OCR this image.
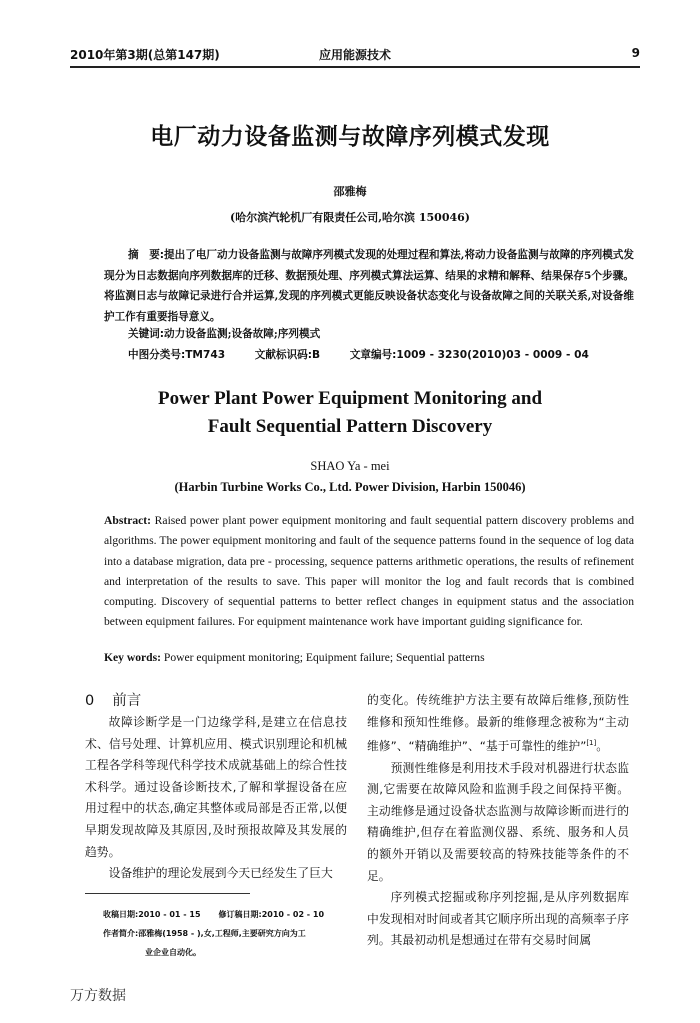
2010年第3期(总第147期)	应用能源技术	9
电厂动力设备监测与故障序列模式发现
邵雅梅
(哈尔滨汽轮机厂有限责任公司,哈尔滨 150046)
摘　要:提出了电厂动力设备监测与故障序列模式发现的处理过程和算法,将动力设备监测与故障的序列模式发现分为日志数据向序列数据库的迁移、数据预处理、序列模式算法运算、结果的求精和解释、结果保存5个步骤。将监测日志与故障记录进行合并运算,发现的序列模式更能反映设备状态变化与设备故障之间的关联关系,对设备维护工作有重要指导意义。
关键词:动力设备监测;设备故障;序列模式
中图分类号:TM743	文献标识码:B	文章编号:1009 - 3230(2010)03 - 0009 - 04
Power Plant Power Equipment Monitoring and
Fault Sequential Pattern Discovery
SHAO Ya - mei
(Harbin Turbine Works Co., Ltd. Power Division, Harbin 150046)
Abstract: Raised power plant power equipment monitoring and fault sequential pattern discovery problems and algorithms. The power equipment monitoring and fault of the sequence patterns found in the sequence of log data into a database migration, data pre - processing, sequence patterns arithmetic operations, the results of refinement and interpretation of the results to save. This paper will monitor the log and fault records that is combined computing. Discovery of sequential patterns to better reflect changes in equipment status and the association between equipment failures. For equipment maintenance work have important guiding significance for.
Key words: Power equipment monitoring; Equipment failure; Sequential patterns
0 前言

故障诊断学是一门边缘学科,是建立在信息技术、信号处理、计算机应用、模式识别理论和机械工程各学科等现代科学技术成就基础上的综合性技术科学。通过设备诊断技术,了解和掌握设备在应用过程中的状态,确定其整体或局部是否正常,以便早期发现故障及其原因,及时预报故障及其发展的趋势。

设备维护的理论发展到今天已经发生了巨大

的变化。传统维护方法主要有故障后维修,预防性维修和预知性维修。最新的维修理念被称为“主动维修”、“精确维护”、“基于可靠性的维护”[1]。

预测性维修是利用技术手段对机器进行状态监测,它需要在故障风险和监测手段之间保持平衡。主动维修是通过设备状态监测与故障诊断而进行的精确维护,但存在着监测仪器、系统、服务和人员的额外开销以及需要较高的特殊技能等条件的不足。

序列模式挖掘或称序列挖掘,是从序列数据库中发现相对时间或者其它顺序所出现的高频率子序列。其最初动机是想通过在带有交易时间属

收稿日期:2010 - 01 - 15 修订稿日期:2010 - 02 - 10
作者简介:邵雅梅(1958 - ),女,工程师,主要研究方向为工
业企业自动化。
万方数据
